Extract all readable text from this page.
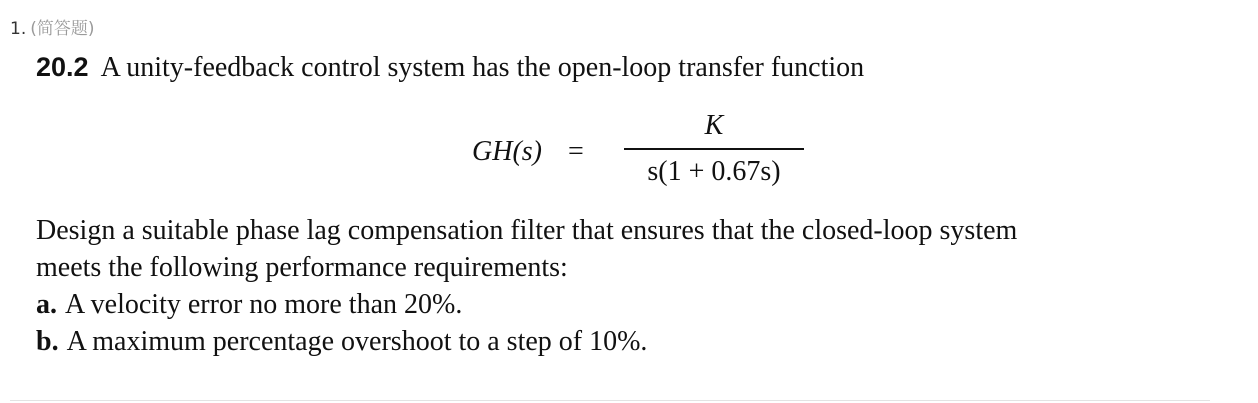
1. (简答题)
20.2 A unity-feedback control system has the open-loop transfer function
GH(s) =
K
s(1 + 0.67s)
Design a suitable phase lag compensation filter that ensures that the closed-loop system
meets the following performance requirements:
a. A velocity error no more than 20%.
b. A maximum percentage overshoot to a step of 10%.
